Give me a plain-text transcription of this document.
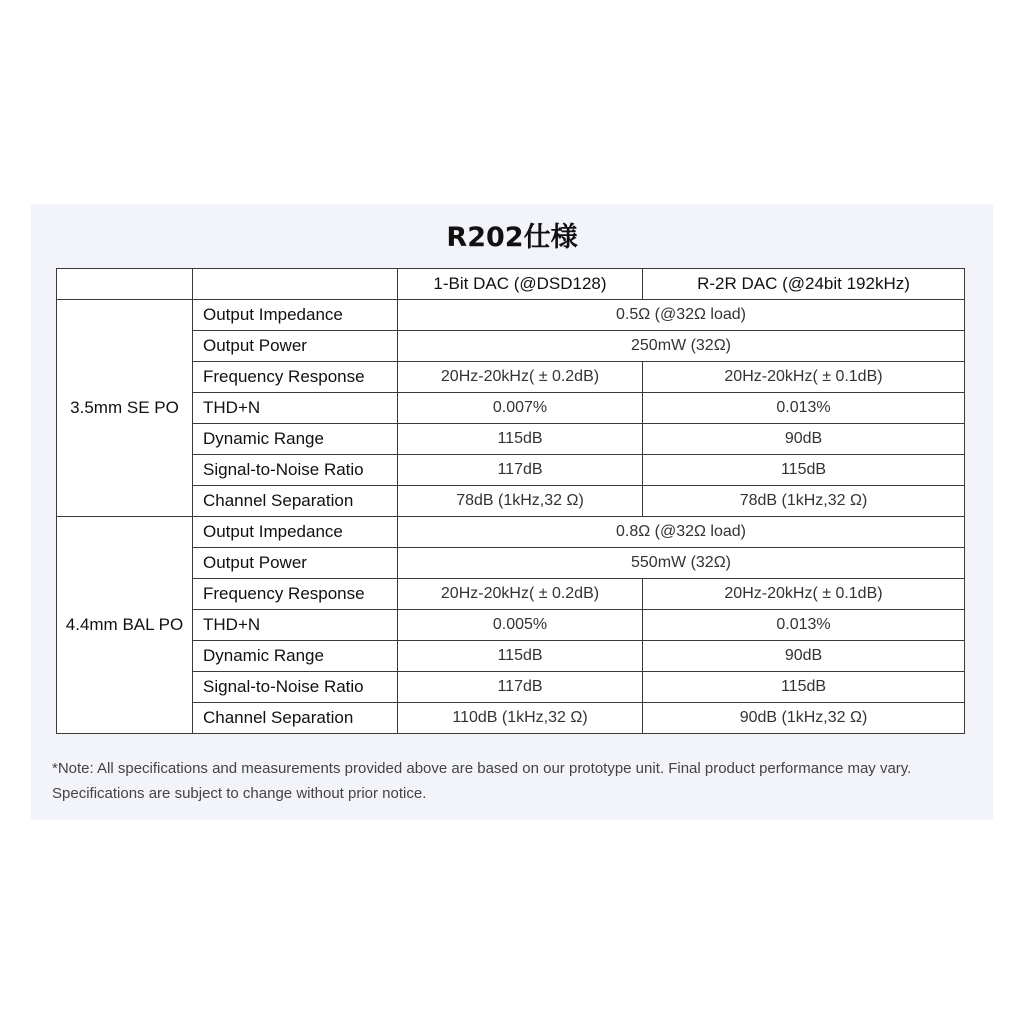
R202仕様
		1-Bit DAC (@DSD128)	R-2R DAC (@24bit 192kHz)
3.5mm SE PO	Output Impedance	0.5Ω (@32Ω load)	
	Output Power	250mW (32Ω)	
	Frequency Response	20Hz-20kHz( ± 0.2dB)	20Hz-20kHz( ± 0.1dB)
	THD+N	0.007%	0.013%
	Dynamic Range	115dB	90dB
	Signal-to-Noise Ratio	117dB	115dB
	Channel Separation	78dB (1kHz,32 Ω)	78dB (1kHz,32 Ω)
4.4mm BAL PO	Output Impedance	0.8Ω (@32Ω load)	
	Output Power	550mW (32Ω)	
	Frequency Response	20Hz-20kHz( ± 0.2dB)	20Hz-20kHz( ± 0.1dB)
	THD+N	0.005%	0.013%
	Dynamic Range	115dB	90dB
	Signal-to-Noise Ratio	117dB	115dB
	Channel Separation	110dB (1kHz,32 Ω)	90dB (1kHz,32 Ω)
*Note: All specifications and measurements provided above are based on our prototype unit. Final product performance may vary.
Specifications are subject to change without prior notice.
